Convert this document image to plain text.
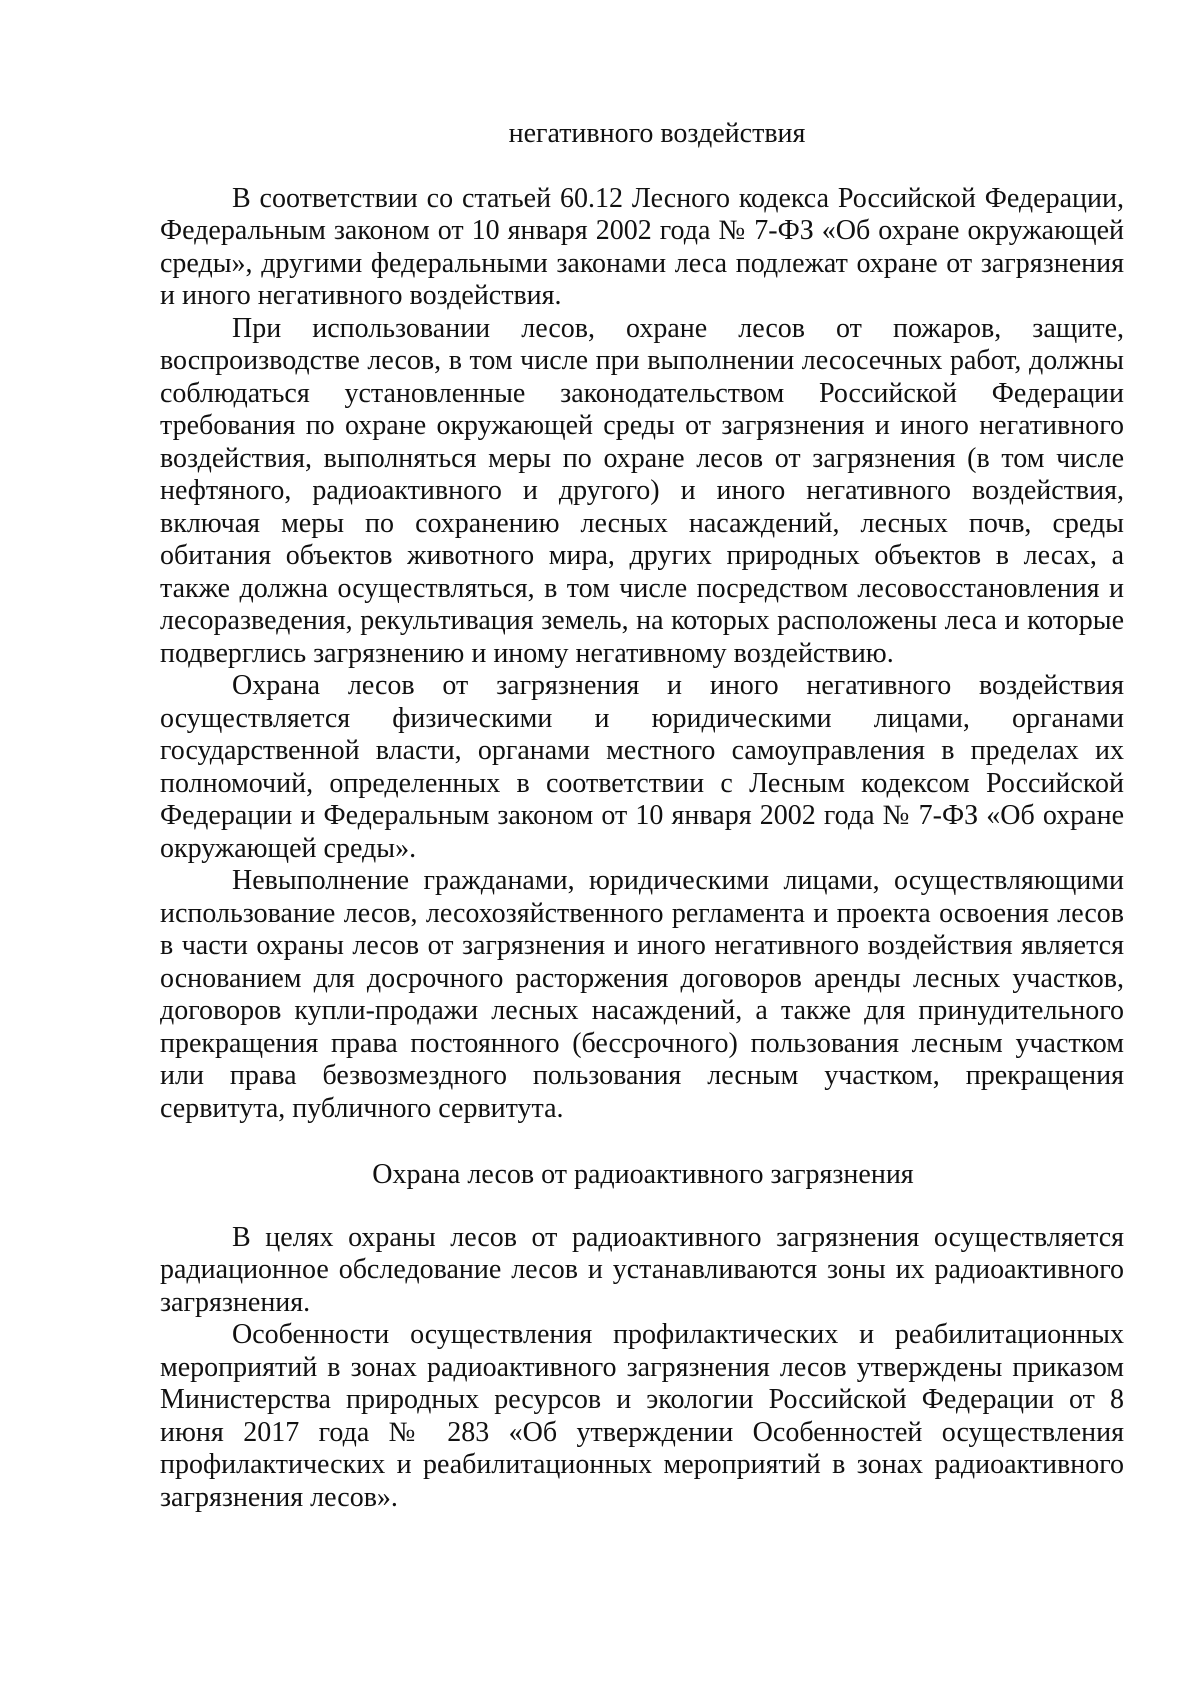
негативного воздействия

В соответствии со статьей 60.12 Лесного кодекса Российской Федерации, Федеральным законом от 10 января 2002 года № 7-ФЗ «Об охране окружающей среды», другими федеральными законами леса подлежат охране от загрязнения и иного негативного воздействия.

При использовании лесов, охране лесов от пожаров, защите, воспроизводстве лесов, в том числе при выполнении лесосечных работ, должны соблюдаться установленные законодательством Российской Федерации требования по охране окружающей среды от загрязнения и иного негативного воздействия, выполняться меры по охране лесов от загрязнения (в том числе нефтяного, радиоактивного и другого) и иного негативного воздействия, включая меры по сохранению лесных насаждений, лесных почв, среды обитания объектов животного мира, других природных объектов в лесах, а также должна осуществляться, в том числе посредством лесовосстановления и лесоразведения, рекультивация земель, на которых расположены леса и которые подверглись загрязнению и иному негативному воздействию.

Охрана лесов от загрязнения и иного негативного воздействия осуществляется физическими и юридическими лицами, органами государственной власти, органами местного самоуправления в пределах их полномочий, определенных в соответствии с Лесным кодексом Российской Федерации и Федеральным законом от 10 января 2002 года № 7-ФЗ «Об охране окружающей среды».

Невыполнение гражданами, юридическими лицами, осуществляющими использование лесов, лесохозяйственного регламента и проекта освоения лесов в части охраны лесов от загрязнения и иного негативного воздействия является основанием для досрочного расторжения договоров аренды лесных участков, договоров купли-продажи лесных насаждений, а также для принудительного прекращения права постоянного (бессрочного) пользования лесным участком или права безвозмездного пользования лесным участком, прекращения сервитута, публичного сервитута.

Охрана лесов от радиоактивного загрязнения

В целях охраны лесов от радиоактивного загрязнения осуществляется радиационное обследование лесов и устанавливаются зоны их радиоактивного загрязнения.

Особенности осуществления профилактических и реабилитационных мероприятий в зонах радиоактивного загрязнения лесов утверждены приказом Министерства природных ресурсов и экологии Российской Федерации от 8 июня 2017 года № 283 «Об утверждении Особенностей осуществления профилактических и реабилитационных мероприятий в зонах радиоактивного загрязнения лесов».
